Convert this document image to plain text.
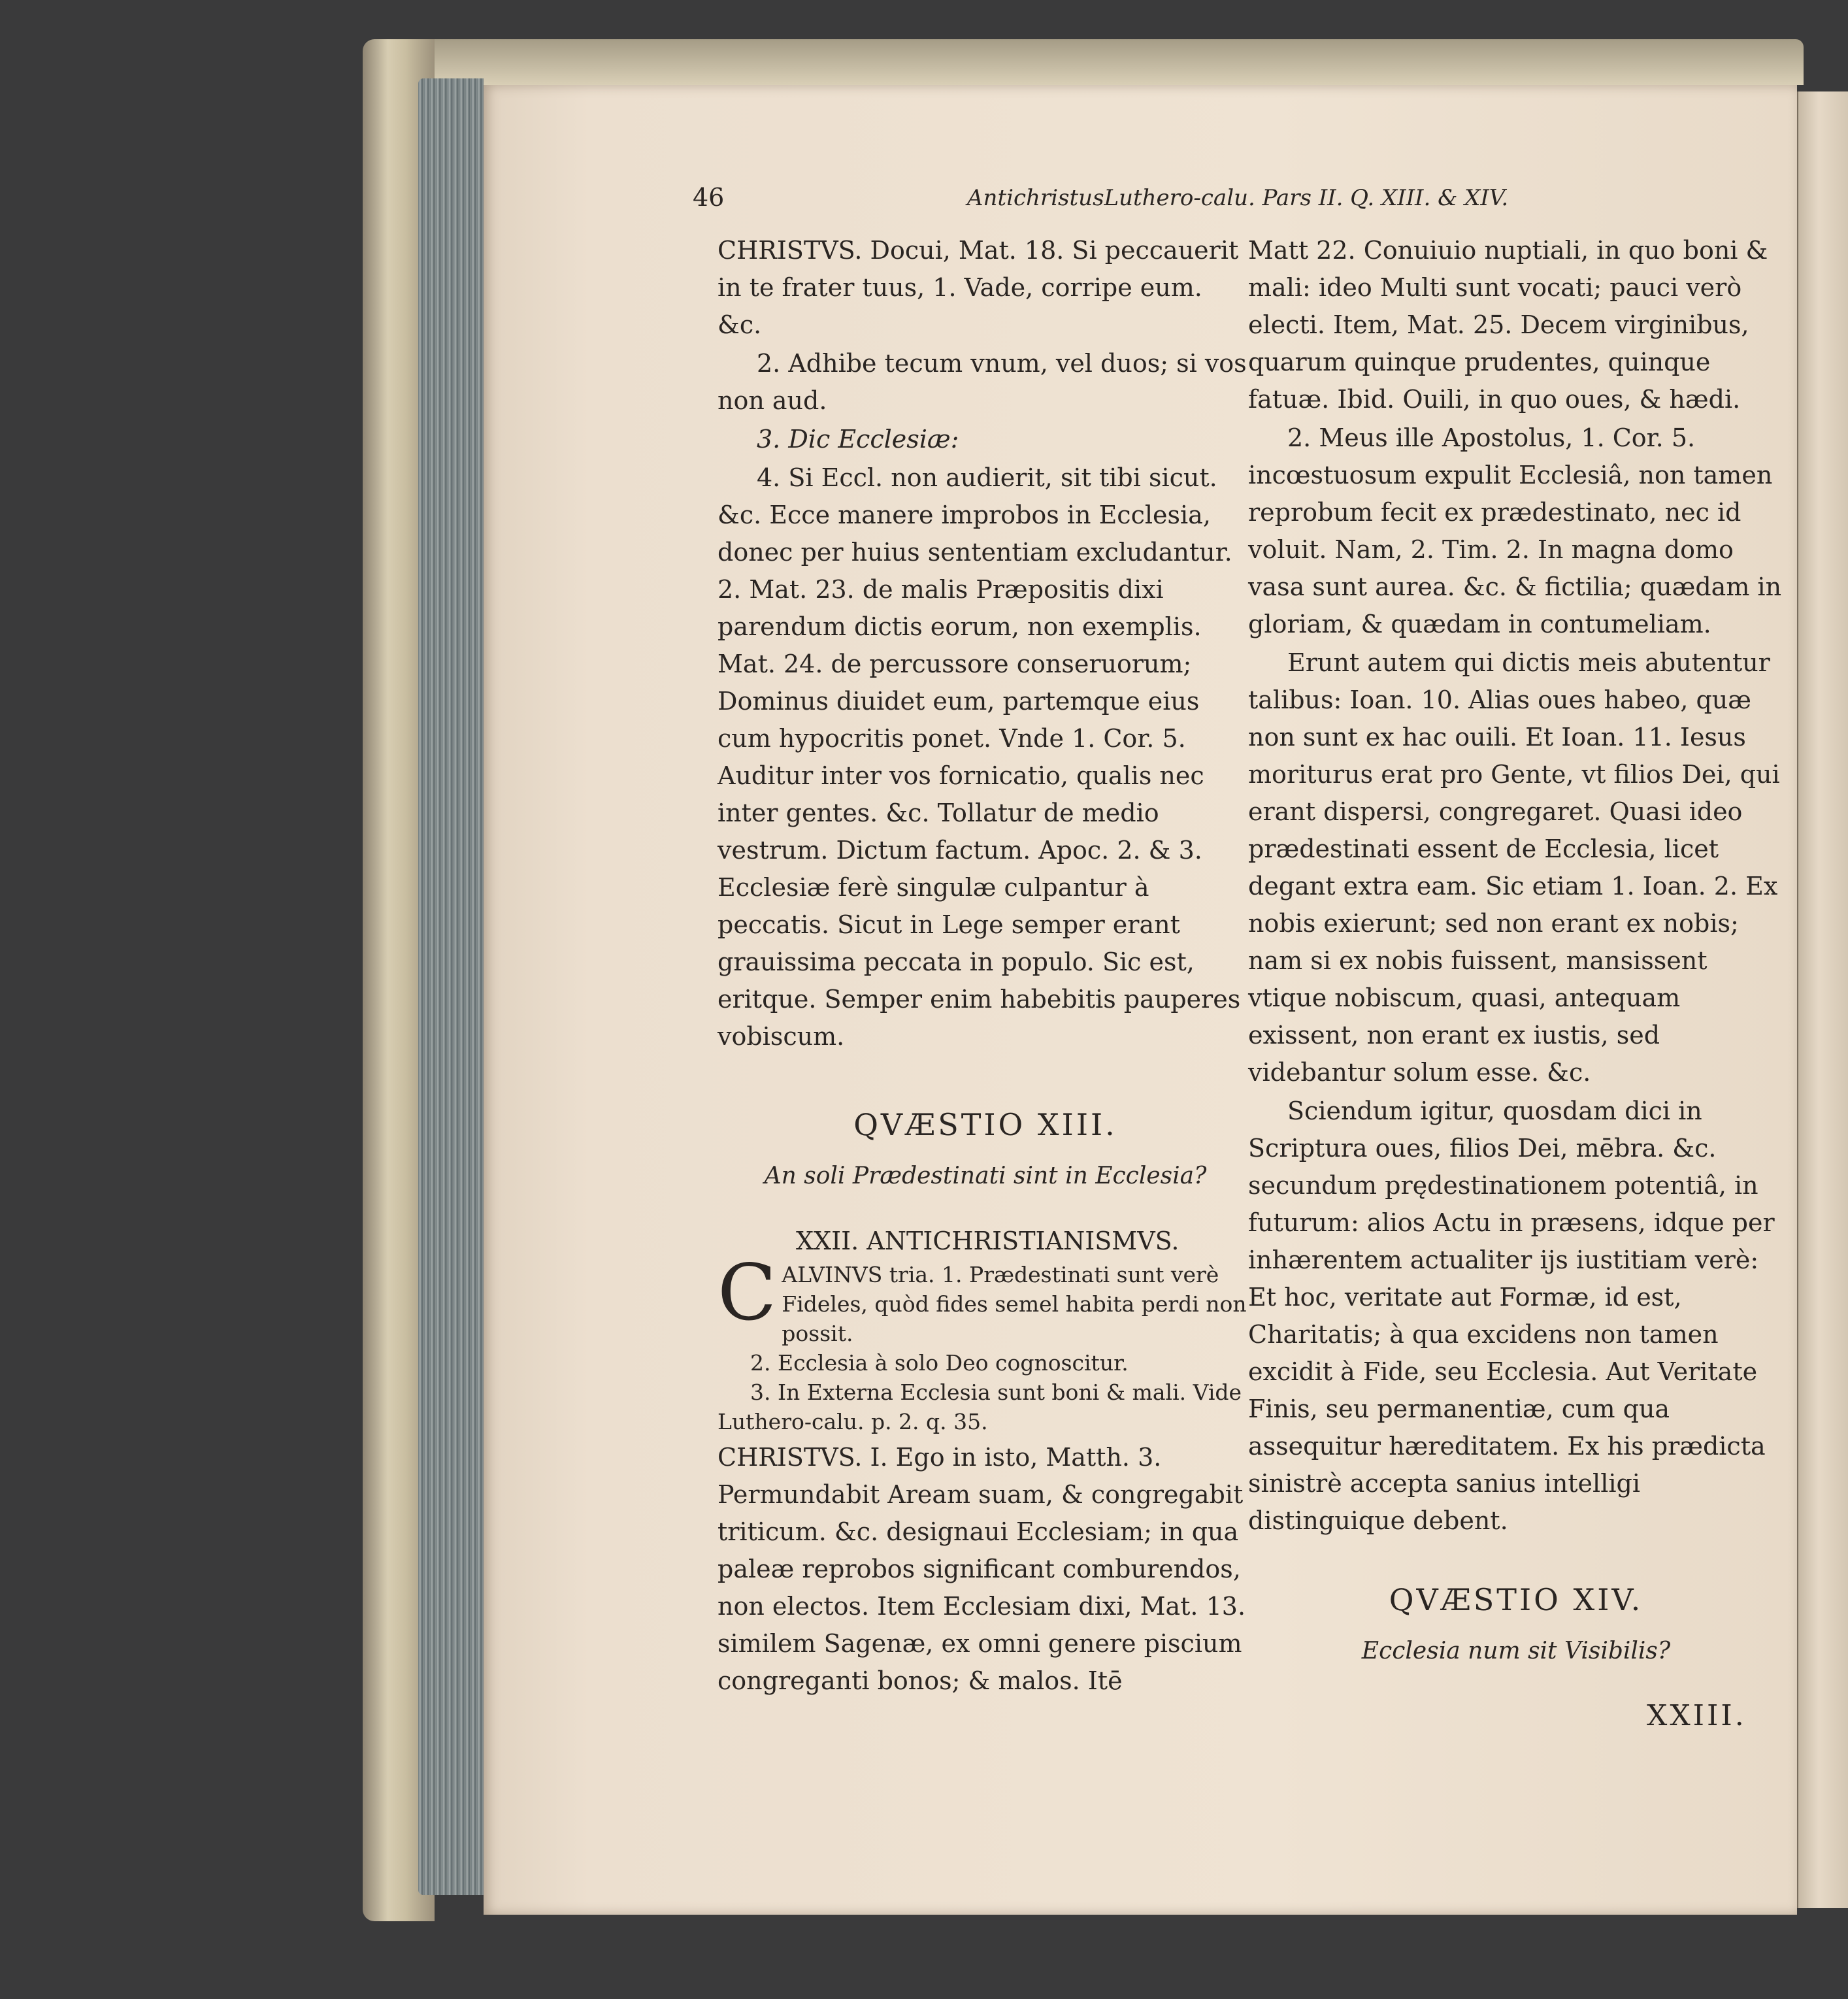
46	AntichristusLuthero-calu. Pars II. Q. XIII. & XIV.

CHRISTVS. Docui, Mat. 18. Si peccauerit in te frater tuus, 1. Vade, corripe eum. &c.

2. Adhibe tecum vnum, vel duos; si vos non aud.

3. Dic Ecclesiæ:

4. Si Eccl. non audierit, sit tibi sicut. &c. Ecce manere improbos in Ecclesia, donec per huius sententiam excludantur. 2. Mat. 23. de malis Præpositis dixi parendum dictis eorum, non exemplis. Mat. 24. de percussore conseruorum; Dominus diuidet eum, partemque eius cum hypocritis ponet. Vnde 1. Cor. 5. Auditur inter vos fornicatio, qualis nec inter gentes. &c. Tollatur de medio vestrum. Dictum factum. Apoc. 2. & 3. Ecclesiæ ferè singulæ culpantur à peccatis. Sicut in Lege semper erant grauissima peccata in populo. Sic est, eritque. Semper enim habebitis pauperes vobiscum.

QVÆSTIO XIII.
An soli Prædestinati sint in Ecclesia?
XXII. ANTICHRISTIANISMVS.
C ALVINVS tria. 1. Prædestinati sunt verè Fideles, quòd fides semel habita perdi non possit.
2. Ecclesia à solo Deo cognoscitur.
3. In Externa Ecclesia sunt boni & mali. Vide Luthero-calu. p. 2. q. 35.

CHRISTVS. I. Ego in isto, Matth. 3. Permundabit Aream suam, & congregabit triticum. &c. designaui Ecclesiam; in qua paleæ reprobos significant comburendos, non electos. Item Ecclesiam dixi, Mat. 13. similem Sagenæ, ex omni genere piscium congreganti bonos; & malos. Itē

Matt 22. Conuiuio nuptiali, in quo boni & mali: ideo Multi sunt vocati; pauci verò electi. Item, Mat. 25. Decem virginibus, quarum quinque prudentes, quinque fatuæ. Ibid. Ouili, in quo oues, & hædi.

2. Meus ille Apostolus, 1. Cor. 5. incœstuosum expulit Ecclesiâ, non tamen reprobum fecit ex prædestinato, nec id voluit. Nam, 2. Tim. 2. In magna domo vasa sunt aurea. &c. & fictilia; quædam in gloriam, & quædam in contumeliam.

Erunt autem qui dictis meis abutentur talibus: Ioan. 10. Alias oues habeo, quæ non sunt ex hac ouili. Et Ioan. 11. Iesus moriturus erat pro Gente, vt filios Dei, qui erant dispersi, congregaret. Quasi ideo prædestinati essent de Ecclesia, licet degant extra eam. Sic etiam 1. Ioan. 2. Ex nobis exierunt; sed non erant ex nobis; nam si ex nobis fuissent, mansissent vtique nobiscum, quasi, antequam exissent, non erant ex iustis, sed videbantur solum esse. &c.

Sciendum igitur, quosdam dici in Scriptura oues, filios Dei, mēbra. &c. secundum prędestinationem potentiâ, in futurum: alios Actu in præsens, idque per inhærentem actualiter ijs iustitiam verè: Et hoc, veritate aut Formæ, id est, Charitatis; à qua excidens non tamen excidit à Fide, seu Ecclesia. Aut Veritate Finis, seu permanentiæ, cum qua assequitur hæreditatem. Ex his prædicta sinistrè accepta sanius intelligi distinguique debent.

QVÆSTIO XIV.
Ecclesia num sit Visibilis?
XXIII.
